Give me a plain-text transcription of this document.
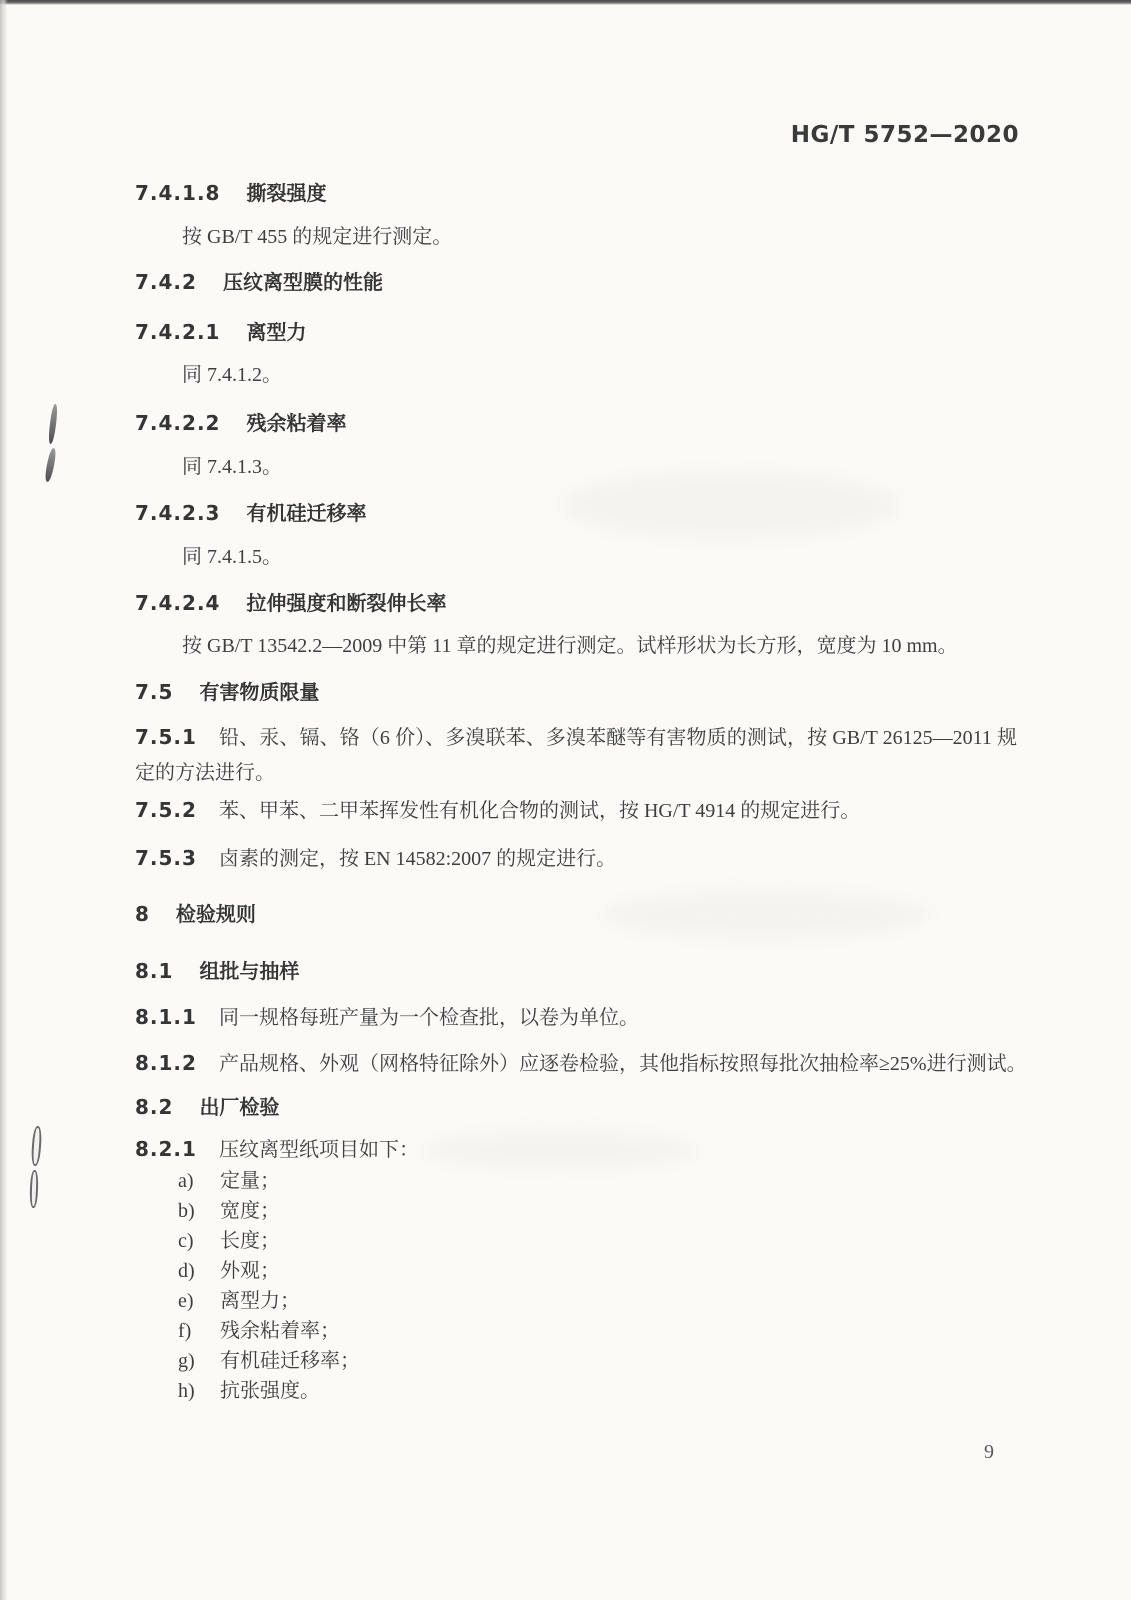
HG/T 5752—2020
7.4.1.8 撕裂强度
按 GB/T 455 的规定进行测定。
7.4.2 压纹离型膜的性能
7.4.2.1 离型力
同 7.4.1.2。
7.4.2.2 残余粘着率
同 7.4.1.3。
7.4.2.3 有机硅迁移率
同 7.4.1.5。
7.4.2.4 拉伸强度和断裂伸长率
按 GB/T 13542.2—2009 中第 11 章的规定进行测定。试样形状为长方形，宽度为 10 mm。
7.5 有害物质限量
7.5.1 铅、汞、镉、铬（6 价）、多溴联苯、多溴苯醚等有害物质的测试，按 GB/T 26125—2011 规定的方法进行。
7.5.2 苯、甲苯、二甲苯挥发性有机化合物的测试，按 HG/T 4914 的规定进行。
7.5.3 卤素的测定，按 EN 14582:2007 的规定进行。
8 检验规则
8.1 组批与抽样
8.1.1 同一规格每班产量为一个检查批，以卷为单位。
8.1.2 产品规格、外观（网格特征除外）应逐卷检验，其他指标按照每批次抽检率≥25%进行测试。
8.2 出厂检验
8.2.1 压纹离型纸项目如下：
a) 定量；
b) 宽度；
c) 长度；
d) 外观；
e) 离型力；
f) 残余粘着率；
g) 有机硅迁移率；
h) 抗张强度。
9
